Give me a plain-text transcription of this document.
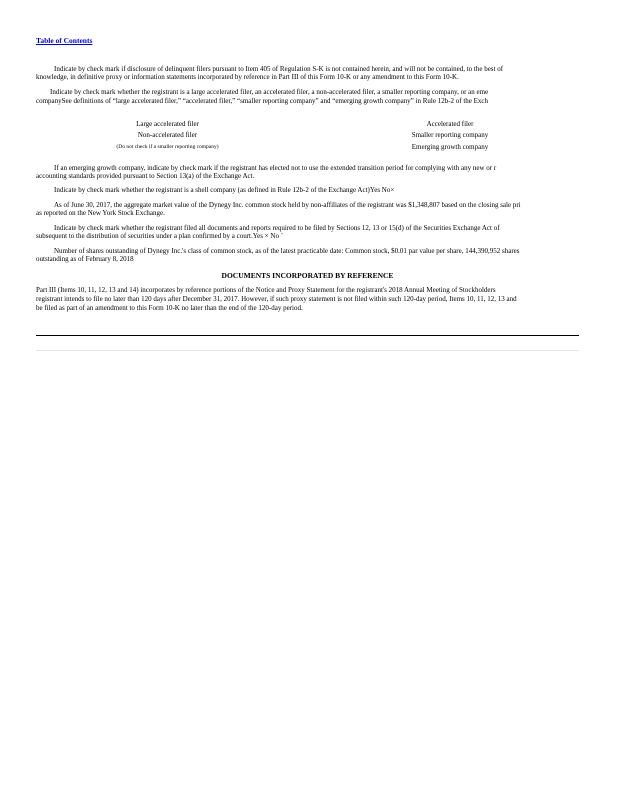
Table of Contents
Indicate by check mark if disclosure of delinquent filers pursuant to Item 405 of Regulation S-K is not contained herein, and will not be contained, to the best of
knowledge, in definitive proxy or information statements incorporated by reference in Part III of this Form 10-K or any amendment to this Form 10-K.
Indicate by check mark whether the registrant is a large accelerated filer, an accelerated filer, a non-accelerated filer, a smaller reporting company, or an eme
companySee definitions of “large accelerated filer,” “accelerated filer,” “smaller reporting company” and “emerging growth company” in Rule 12b-2 of the Exch
Large accelerated filer
Non-accelerated filer
(Do not check if a smaller reporting company)
Accelerated filer
Smaller reporting company
Emerging growth company
If an emerging growth company, indicate by check mark if the registrant has elected not to use the extended transition period for complying with any new or r
accounting standards provided pursuant to Section 13(a) of the Exchange Act.
Indicate by check mark whether the registrant is a shell company (as defined in Rule 12b-2 of the Exchange Act)Yes No×
As of June 30, 2017, the aggregate market value of the Dynegy Inc. common stock held by non-affiliates of the registrant was $1,348,807 based on the closing sale pri
as reported on the New York Stock Exchange.
Indicate by check mark whether the registrant filed all documents and reports required to be filed by Sections 12, 13 or 15(d) of the Securities Exchange Act of
subsequent to the distribution of securities under a plan confirmed by a court.Yes × No ¨
Number of shares outstanding of Dynegy Inc.'s class of common stock, as of the latest practicable date: Common stock, $0.01 par value per share, 144,390,952 shares
outstanding as of February 8, 2018
DOCUMENTS INCORPORATED BY REFERENCE
Part III (Items 10, 11, 12, 13 and 14) incorporates by reference portions of the Notice and Proxy Statement for the registrant's 2018 Annual Meeting of Stockholders
registrant intends to file no later than 120 days after December 31, 2017. However, if such proxy statement is not filed within such 120-day period, Items 10, 11, 12, 13 and
be filed as part of an amendment to this Form 10-K no later than the end of the 120-day period.
